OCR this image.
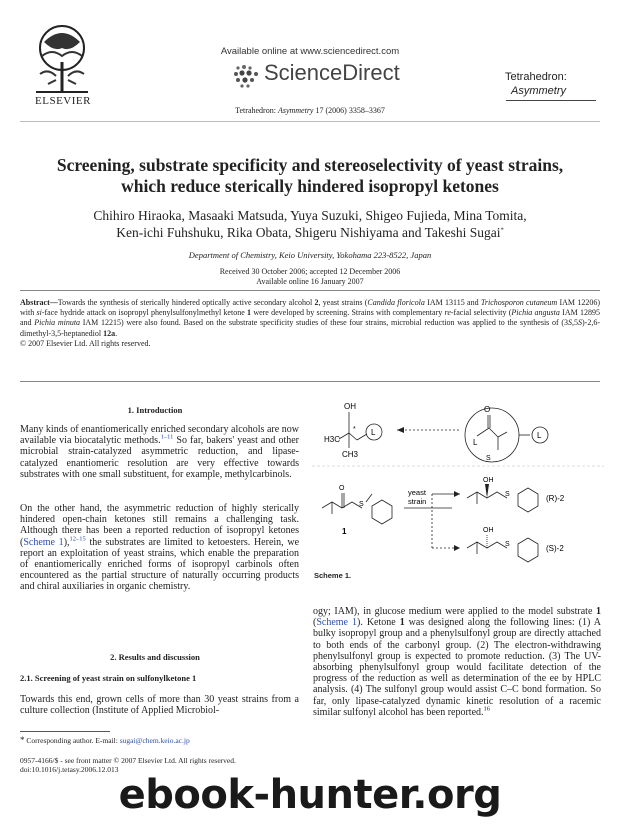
ELSEVIER
Available online at www.sciencedirect.com
ScienceDirect
Tetrahedron: Asymmetry 17 (2006) 3358–3367
Tetrahedron:
Asymmetry
Screening, substrate specificity and stereoselectivity of yeast strains, which reduce sterically hindered isopropyl ketones
Chihiro Hiraoka, Masaaki Matsuda, Yuya Suzuki, Shigeo Fujieda, Mina Tomita,
Ken-ichi Fuhshuku, Rika Obata, Shigeru Nishiyama and Takeshi Sugai*
Department of Chemistry, Keio University, Yokohama 223-8522, Japan
Received 30 October 2006; accepted 12 December 2006
Available online 16 January 2007
Abstract—Towards the synthesis of sterically hindered optically active secondary alcohol 2, yeast strains (Candida floricola IAM 13115 and Trichosporon cutaneum IAM 12206) with si-face hydride attack on isopropyl phenylsulfonylmethyl ketone 1 were developed by screening. Strains with complementary re-facial selectivity (Pichia angusta IAM 12895 and Pichia minuta IAM 12215) were also found. Based on the substrate specificity studies of these four strains, microbial reduction was applied to the synthesis of (3S,5S)-2,6-dimethyl-3,5-heptanediol 12a.
© 2007 Elsevier Ltd. All rights reserved.
1. Introduction
Many kinds of enantiomerically enriched secondary alcohols are now available via biocatalytic methods.$^{1-11}$ So far, bakers' yeast and other microbial strain-catalyzed asymmetric reduction, and lipase-catalyzed enantiomeric resolution are very effective towards substrates with one small substituent, for example, methylcarbinols.
On the other hand, the asymmetric reduction of highly sterically hindered open-chain ketones still remains a challenging task. Although there has been a reported reduction of isopropyl ketones (Scheme 1),$^{12-15}$ the substrates are limited to ketoesters. Herein, we report an exploitation of yeast strains, which enable the preparation of enantiomerically enriched forms of isopropyl carbinols often encountered as the partial structure of naturally occurring products and chiral auxiliaries in organic chemistry.
2. Results and discussion
2.1. Screening of yeast strain on sulfonylketone 1
Towards this end, grown cells of more than 30 yeast strains from a culture collection (Institute of Applied Microbiol-
* Corresponding author. E-mail: sugai@chem.keio.ac.jp
0957-4166/$ - see front matter © 2007 Elsevier Ltd. All rights reserved.
doi:10.1016/j.tetasy.2006.12.013
H3C
OH
CH3
L
*
O
L
S
L
O
S
1
yeast
strain
OH
S	(R)-2
OH
S	(S)-2
Scheme 1.
ogy; IAM), in glucose medium were applied to the model substrate 1 (Scheme 1). Ketone 1 was designed along the following lines: (1) A bulky isopropyl group and a phenylsulfonyl group are directly attached to both ends of the carbonyl group. (2) The electron-withdrawing phenylsulfonyl group is expected to promote reduction. (3) The UV-absorbing phenylsulfonyl group would facilitate detection of the progress of the reduction as well as determination of the ee by HPLC analysis. (4) The sulfonyl group would assist C–C bond formation. So far, only lipase-catalyzed dynamic kinetic resolution of a racemic similar sulfonyl alcohol has been reported.$^{16}$
ebook-hunter.org
